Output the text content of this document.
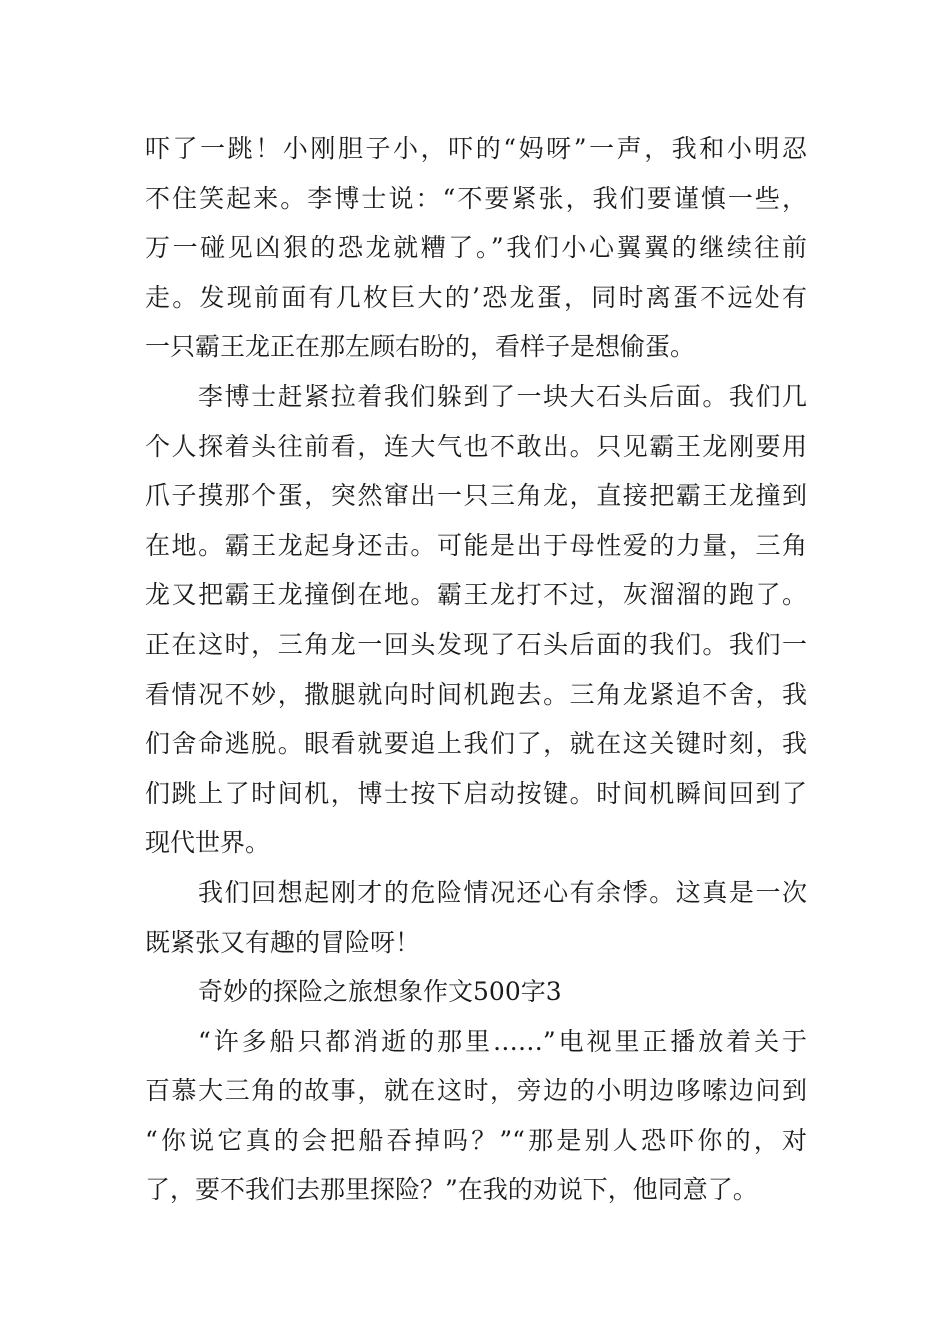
吓了一跳！小刚胆子小，吓的“妈呀”一声，我和小明忍
不住笑起来。李博士说：“不要紧张，我们要谨慎一些，
万一碰见凶狠的恐龙就糟了。”我们小心翼翼的继续往前
走。发现前面有几枚巨大的’恐龙蛋，同时离蛋不远处有
一只霸王龙正在那左顾右盼的，看样子是想偷蛋。
李博士赶紧拉着我们躲到了一块大石头后面。我们几
个人探着头往前看，连大气也不敢出。只见霸王龙刚要用
爪子摸那个蛋，突然窜出一只三角龙，直接把霸王龙撞到
在地。霸王龙起身还击。可能是出于母性爱的力量，三角
龙又把霸王龙撞倒在地。霸王龙打不过，灰溜溜的跑了。
正在这时，三角龙一回头发现了石头后面的我们。我们一
看情况不妙，撒腿就向时间机跑去。三角龙紧追不舍，我
们舍命逃脱。眼看就要追上我们了，就在这关键时刻，我
们跳上了时间机，博士按下启动按键。时间机瞬间回到了
现代世界。
我们回想起刚才的危险情况还心有余悸。这真是一次
既紧张又有趣的冒险呀！
奇妙的探险之旅想象作文500字3
“许多船只都消逝的那里……”电视里正播放着关于
百慕大三角的故事，就在这时，旁边的小明边哆嗦边问到
“你说它真的会把船吞掉吗？”“那是别人恐吓你的，对
了，要不我们去那里探险？”在我的劝说下，他同意了。
